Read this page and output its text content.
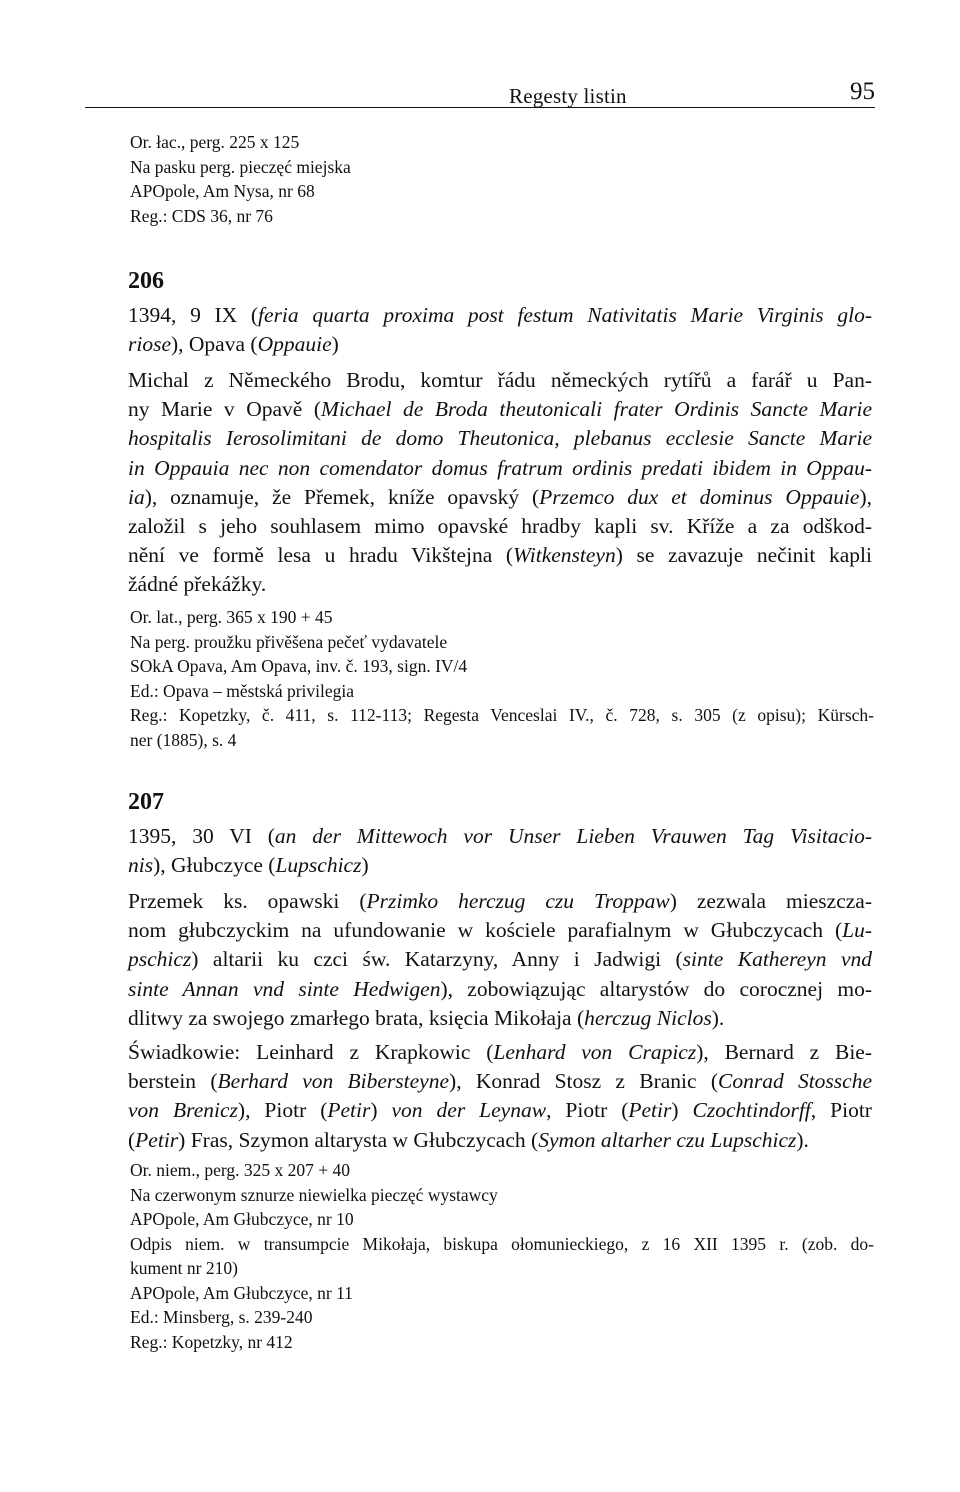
Regesty listin	95
Or. łac., perg. 225 x 125
Na pasku perg. pieczęć miejska
APOpole, Am Nysa, nr 68
Reg.: CDS 36, nr 76
206
1394, 9 IX (feria quarta proxima post festum Nativitatis Marie Virginis glo-
riose), Opava (Oppauie)
Michal z Německého Brodu, komtur řádu německých rytířů a farář u Pan-
ny Marie v Opavě (Michael de Broda theutonicali frater Ordinis Sancte Marie
hospitalis Ierosolimitani de domo Theutonica, plebanus ecclesie Sancte Marie
in Oppauia nec non comendator domus fratrum ordinis predati ibidem in Oppau-
ia), oznamuje, že Přemek, kníže opavský (Przemco dux et dominus Oppauie),
založil s jeho souhlasem mimo opavské hradby kapli sv. Kříže a za odškod-
nění ve formě lesa u hradu Vikštejna (Witkensteyn) se zavazuje nečinit kapli
žádné překážky.
Or. lat., perg. 365 x 190 + 45
Na perg. proužku přivěšena pečeť vydavatele
SOkA Opava, Am Opava, inv. č. 193, sign. IV/4
Ed.: Opava – městská privilegia
Reg.: Kopetzky, č. 411, s. 112-113; Regesta Venceslai IV., č. 728, s. 305 (z opisu); Kürsch-
ner (1885), s. 4
207
1395, 30 VI (an der Mittewoch vor Unser Lieben Vrauwen Tag Visitacio-
nis), Głubczyce (Lupschicz)
Przemek ks. opawski (Przimko herczug czu Troppaw) zezwala mieszcza-
nom głubczyckim na ufundowanie w kościele parafialnym w Głubczycach (Lu-
pschicz) altarii ku czci św. Katarzyny, Anny i Jadwigi (sinte Kathereyn vnd
sinte Annan vnd sinte Hedwigen), zobowiązując altarystów do corocznej mo-
dlitwy za swojego zmarłego brata, księcia Mikołaja (herczug Niclos).
Świadkowie: Leinhard z Krapkowic (Lenhard von Crapicz), Bernard z Bie-
berstein (Berhard von Bibersteyne), Konrad Stosz z Branic (Conrad Stossche
von Brenicz), Piotr (Petir) von der Leynaw, Piotr (Petir) Czochtindorff, Piotr
(Petir) Fras, Szymon altarysta w Głubczycach (Symon altarher czu Lupschicz).
Or. niem., perg. 325 x 207 + 40
Na czerwonym sznurze niewielka pieczęć wystawcy
APOpole, Am Głubczyce, nr 10
Odpis niem. w transumpcie Mikołaja, biskupa ołomunieckiego, z 16 XII 1395 r. (zob. do-
kument nr 210)
APOpole, Am Głubczyce, nr 11
Ed.: Minsberg, s. 239-240
Reg.: Kopetzky, nr 412
